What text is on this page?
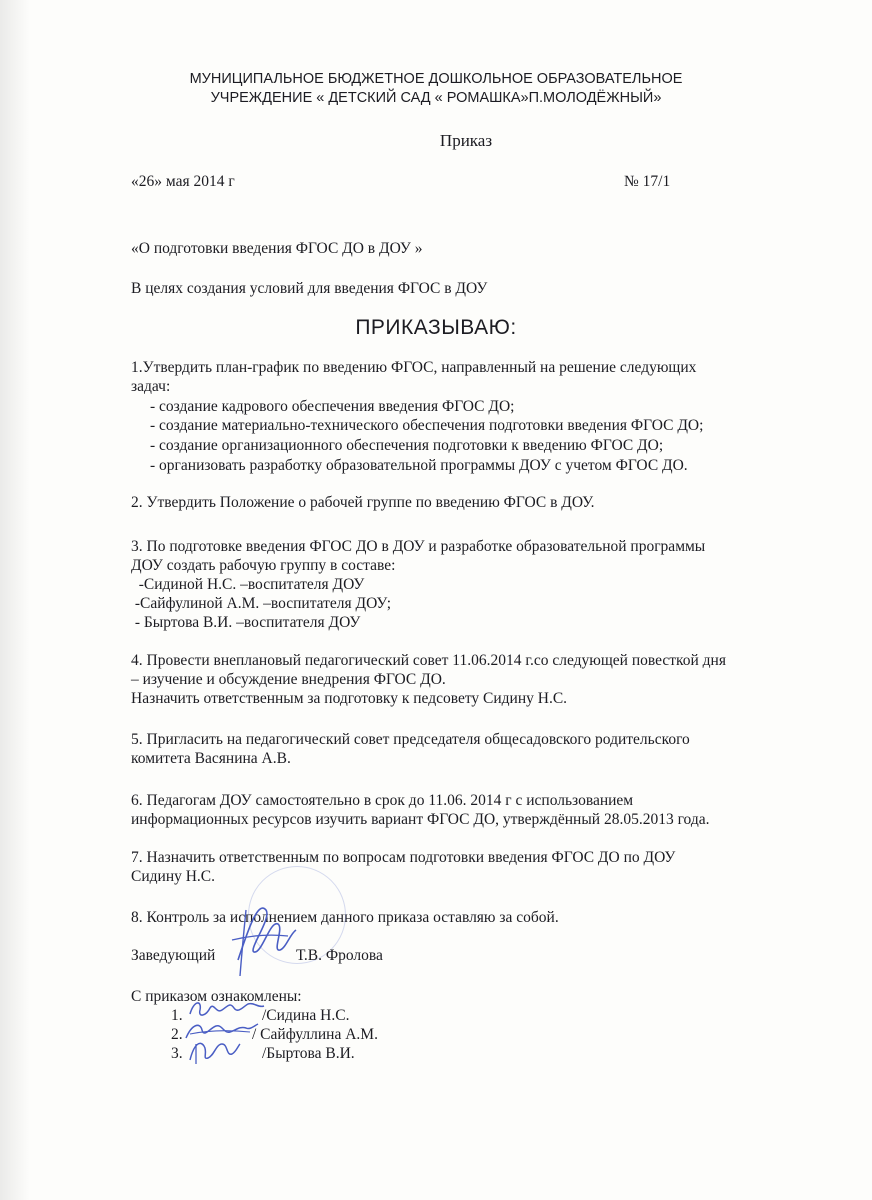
МУНИЦИПАЛЬНОЕ БЮДЖЕТНОЕ ДОШКОЛЬНОЕ ОБРАЗОВАТЕЛЬНОЕ

УЧРЕЖДЕНИЕ « ДЕТСКИЙ САД « РОМАШКА»П.МОЛОДЁЖНЫЙ»

Приказ

«26» мая 2014 г	№ 17/1

«О подготовки введения ФГОС ДО в ДОУ »

В целях создания условий для введения ФГОС в ДОУ

ПРИКАЗЫВАЮ:

1.Утвердить план-график по введению ФГОС, направленный на решение следующих

задач:

- создание кадрового обеспечения введения ФГОС ДО;

- создание материально-технического обеспечения подготовки введения ФГОС ДО;

- создание организационного обеспечения подготовки к введению ФГОС ДО;

- организовать разработку образовательной программы ДОУ с учетом ФГОС ДО.

2. Утвердить Положение о рабочей группе по введению ФГОС в ДОУ.

3. По подготовке введения ФГОС ДО в ДОУ и разработке образовательной программы

ДОУ создать рабочую группу в составе:

-Сидиной Н.С. –воспитателя ДОУ

-Сайфулиной А.М. –воспитателя ДОУ;

- Быртова В.И. –воспитателя ДОУ

4. Провести внеплановый педагогический совет 11.06.2014 г.со следующей повесткой дня

– изучение и обсуждение внедрения ФГОС ДО.

Назначить ответственным за подготовку к педсовету Сидину Н.С.

5. Пригласить на педагогический совет председателя общесадовского родительского

комитета Васянина А.В.

6. Педагогам ДОУ самостоятельно в срок до 11.06. 2014 г с использованием

информационных ресурсов изучить вариант ФГОС ДО, утверждённый 28.05.2013 года.

7. Назначить ответственным по вопросам подготовки введения ФГОС ДО по ДОУ

Сидину Н.С.

8. Контроль за исполнением данного приказа оставляю за собой.

Заведующий	Т.В. Фролова

С приказом ознакомлены:

1.	/Сидина Н.С.

2.	/ Сайфуллина А.М.

3.	/Быртова В.И.
